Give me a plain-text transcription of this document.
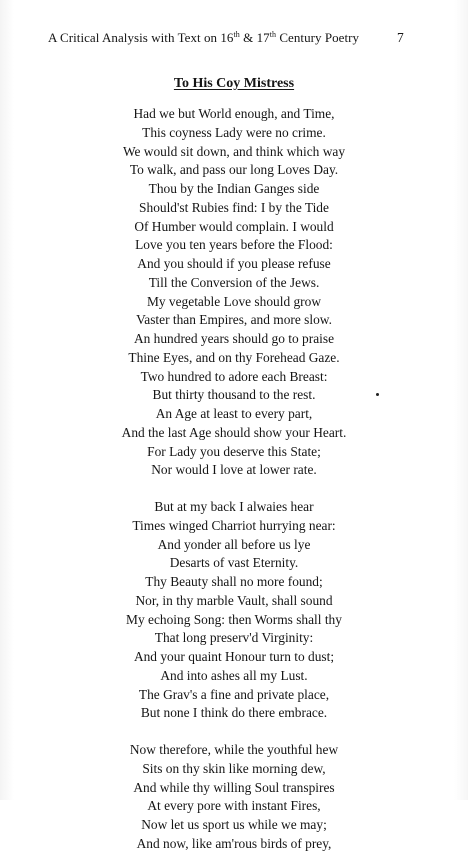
A Critical Analysis with Text on 16th & 17th Century Poetry	7
To His Coy Mistress
Had we but World enough, and Time,
This coyness Lady were no crime.
We would sit down, and think which way
To walk, and pass our long Loves Day.
Thou by the Indian Ganges side
Should'st Rubies find: I by the Tide
Of Humber would complain. I would
Love you ten years before the Flood:
And you should if you please refuse
Till the Conversion of the Jews.
My vegetable Love should grow
Vaster than Empires, and more slow.
An hundred years should go to praise
Thine Eyes, and on thy Forehead Gaze.
Two hundred to adore each Breast:
But thirty thousand to the rest.
An Age at least to every part,
And the last Age should show your Heart.
For Lady you deserve this State;
Nor would I love at lower rate.
But at my back I alwaies hear
Times winged Charriot hurrying near:
And yonder all before us lye
Desarts of vast Eternity.
Thy Beauty shall no more found;
Nor, in thy marble Vault, shall sound
My echoing Song: then Worms shall thy
That long preserv'd Virginity:
And your quaint Honour turn to dust;
And into ashes all my Lust.
The Grav's a fine and private place,
But none I think do there embrace.
Now therefore, while the youthful hew
Sits on thy skin like morning dew,
And while thy willing Soul transpires
At every pore with instant Fires,
Now let us sport us while we may;
And now, like am'rous birds of prey,
